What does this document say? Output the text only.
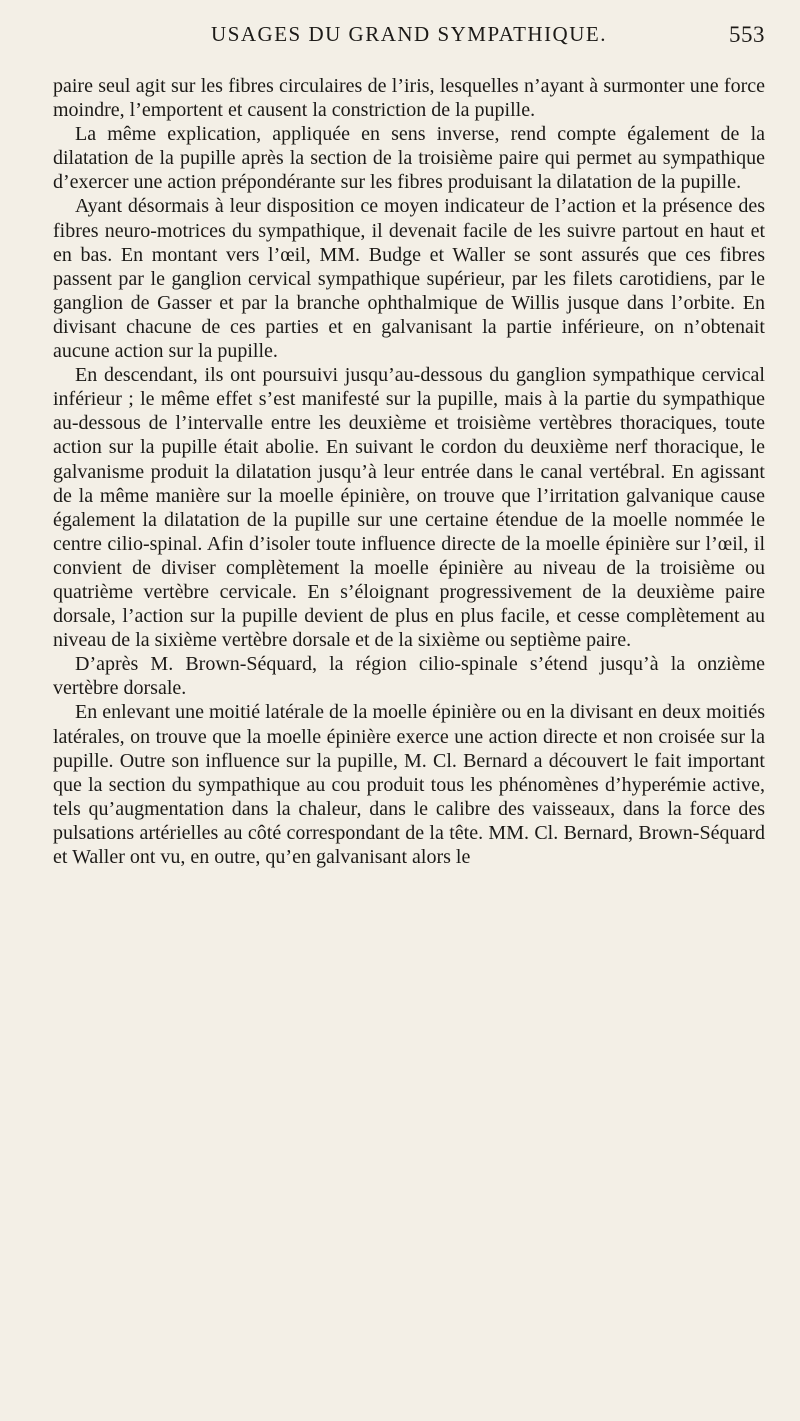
USAGES DU GRAND SYMPATHIQUE.	553

paire seul agit sur les fibres circulaires de l’iris, lesquelles n’ayant à surmonter une force moindre, l’emportent et causent la constriction de la pupille.

La même explication, appliquée en sens inverse, rend compte également de la dilatation de la pupille après la section de la troisième paire qui permet au sympathique d’exercer une action prépondérante sur les fibres produisant la dilatation de la pupille.

Ayant désormais à leur disposition ce moyen indicateur de l’action et la présence des fibres neuro-motrices du sympathique, il devenait facile de les suivre partout en haut et en bas. En montant vers l’œil, MM. Budge et Waller se sont assurés que ces fibres passent par le ganglion cervical sympathique supérieur, par les filets carotidiens, par le ganglion de Gasser et par la branche ophthalmique de Willis jusque dans l’orbite. En divisant chacune de ces parties et en galvanisant la partie inférieure, on n’obtenait aucune action sur la pupille.

En descendant, ils ont poursuivi jusqu’au-dessous du ganglion sympathique cervical inférieur ; le même effet s’est manifesté sur la pupille, mais à la partie du sympathique au-dessous de l’intervalle entre les deuxième et troisième vertèbres thoraciques, toute action sur la pupille était abolie. En suivant le cordon du deuxième nerf thoracique, le galvanisme produit la dilatation jusqu’à leur entrée dans le canal vertébral. En agissant de la même manière sur la moelle épinière, on trouve que l’irritation galvanique cause également la dilatation de la pupille sur une certaine étendue de la moelle nommée le centre cilio-spinal. Afin d’isoler toute influence directe de la moelle épinière sur l’œil, il convient de diviser complètement la moelle épinière au niveau de la troisième ou quatrième vertèbre cervicale. En s’éloignant progressivement de la deuxième paire dorsale, l’action sur la pupille devient de plus en plus facile, et cesse complètement au niveau de la sixième vertèbre dorsale et de la sixième ou septième paire.

D’après M. Brown-Séquard, la région cilio-spinale s’étend jusqu’à la onzième vertèbre dorsale.

En enlevant une moitié latérale de la moelle épinière ou en la divisant en deux moitiés latérales, on trouve que la moelle épinière exerce une action directe et non croisée sur la pupille. Outre son influence sur la pupille, M. Cl. Bernard a découvert le fait important que la section du sympathique au cou produit tous les phénomènes d’hyperémie active, tels qu’augmentation dans la chaleur, dans le calibre des vaisseaux, dans la force des pulsations artérielles au côté correspondant de la tête. MM. Cl. Bernard, Brown-Séquard et Waller ont vu, en outre, qu’en galvanisant alors le
